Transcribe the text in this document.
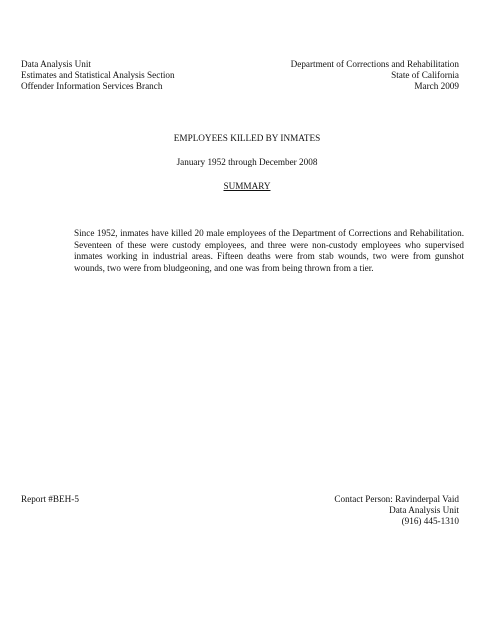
Data Analysis Unit
Estimates and Statistical Analysis Section
Offender Information Services Branch
Department of Corrections and Rehabilitation
State of California
March 2009
EMPLOYEES KILLED BY INMATES
January 1952 through December 2008
SUMMARY

Since 1952, inmates have killed 20 male employees of the Department of Corrections and Rehabilitation. Seventeen of these were custody employees, and three were non-custody employees who supervised inmates working in industrial areas. Fifteen deaths were from stab wounds, two were from gunshot wounds, two were from bludgeoning, and one was from being thrown from a tier.

Report #BEH-5	Contact Person: Ravinderpal Vaid
Data Analysis Unit
(916) 445-1310
